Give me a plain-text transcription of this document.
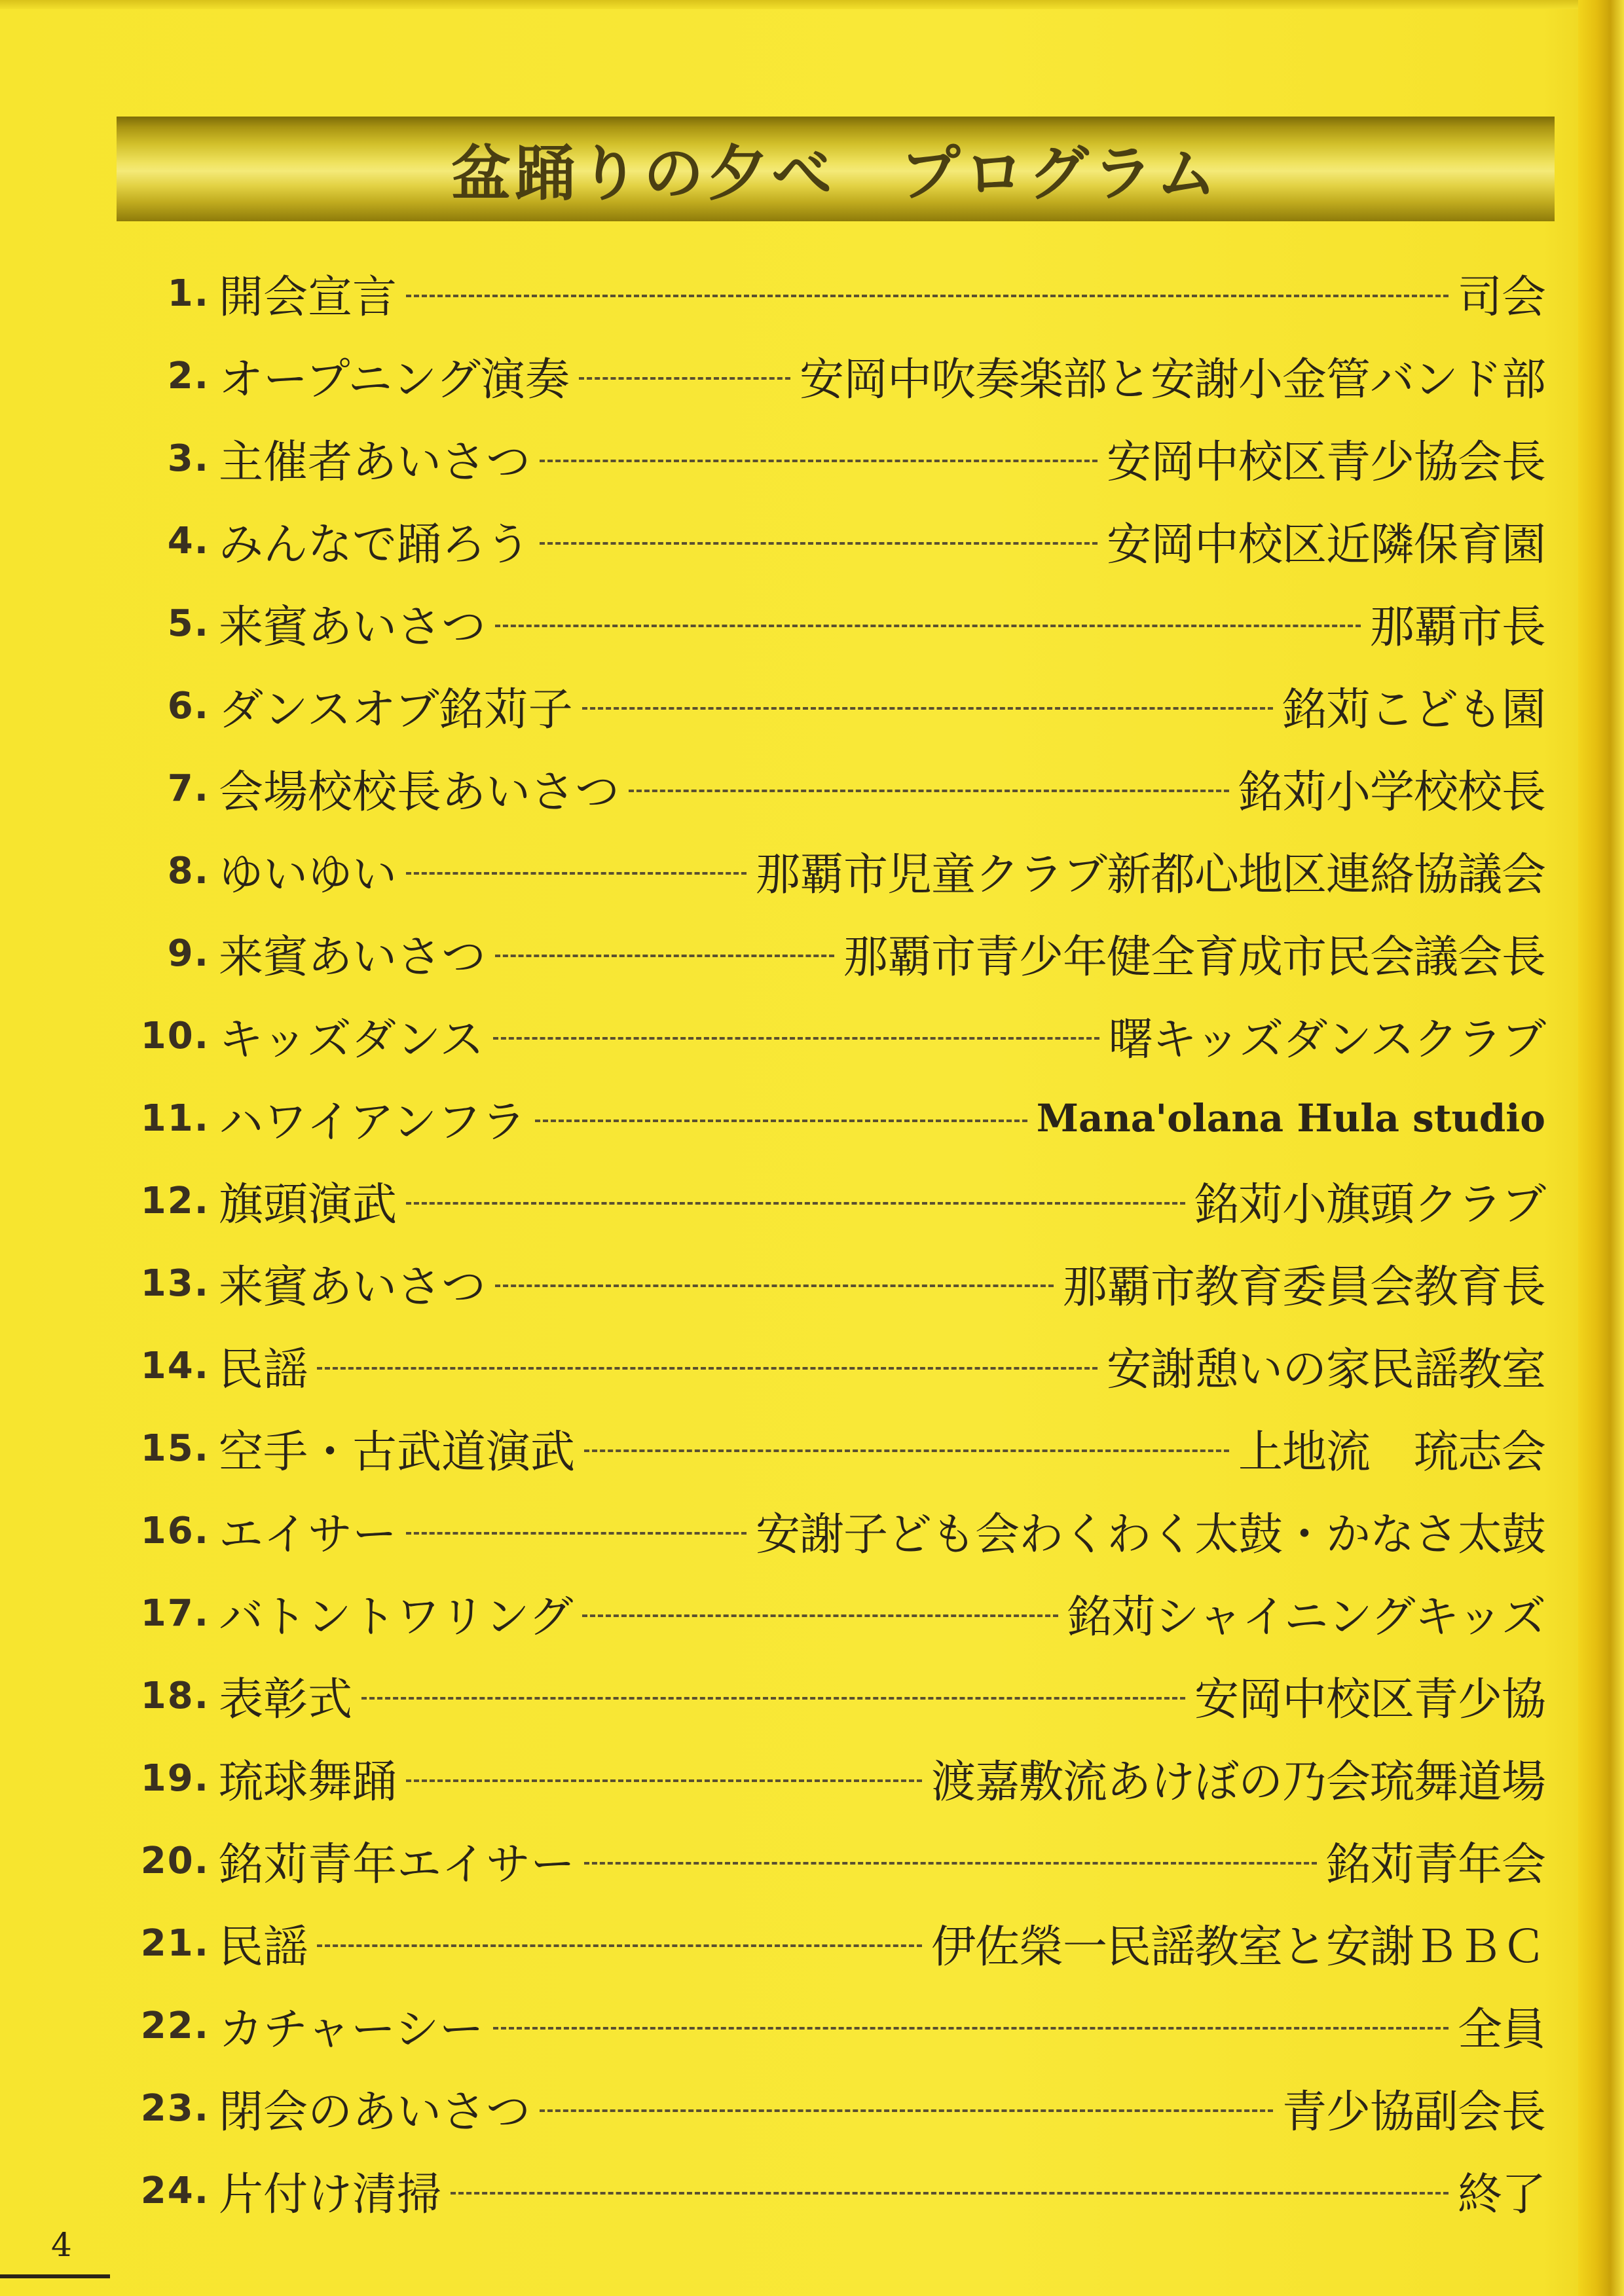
盆踊りの夕べ　プログラム
1. 開会宣言	司会
2. オープニング演奏	安岡中吹奏楽部と安謝小金管バンド部
3. 主催者あいさつ	安岡中校区青少協会長
4. みんなで踊ろう	安岡中校区近隣保育園
5. 来賓あいさつ	那覇市長
6. ダンスオブ銘苅子	銘苅こども園
7. 会場校校長あいさつ	銘苅小学校校長
8. ゆいゆい	那覇市児童クラブ新都心地区連絡協議会
9. 来賓あいさつ	那覇市青少年健全育成市民会議会長
10. キッズダンス	曙キッズダンスクラブ
11. ハワイアンフラ	Mana'olana Hula studio
12. 旗頭演武	銘苅小旗頭クラブ
13. 来賓あいさつ	那覇市教育委員会教育長
14. 民謡	安謝憩いの家民謡教室
15. 空手・古武道演武	上地流　琉志会
16. エイサー	安謝子ども会わくわく太鼓・かなさ太鼓
17. バトントワリング	銘苅シャイニングキッズ
18. 表彰式	安岡中校区青少協
19. 琉球舞踊	渡嘉敷流あけぼの乃会琉舞道場
20. 銘苅青年エイサー	銘苅青年会
21. 民謡	伊佐榮一民謡教室と安謝ＢＢＣ
22. カチャーシー	全員
23. 閉会のあいさつ	青少協副会長
24. 片付け清掃	終了
4
